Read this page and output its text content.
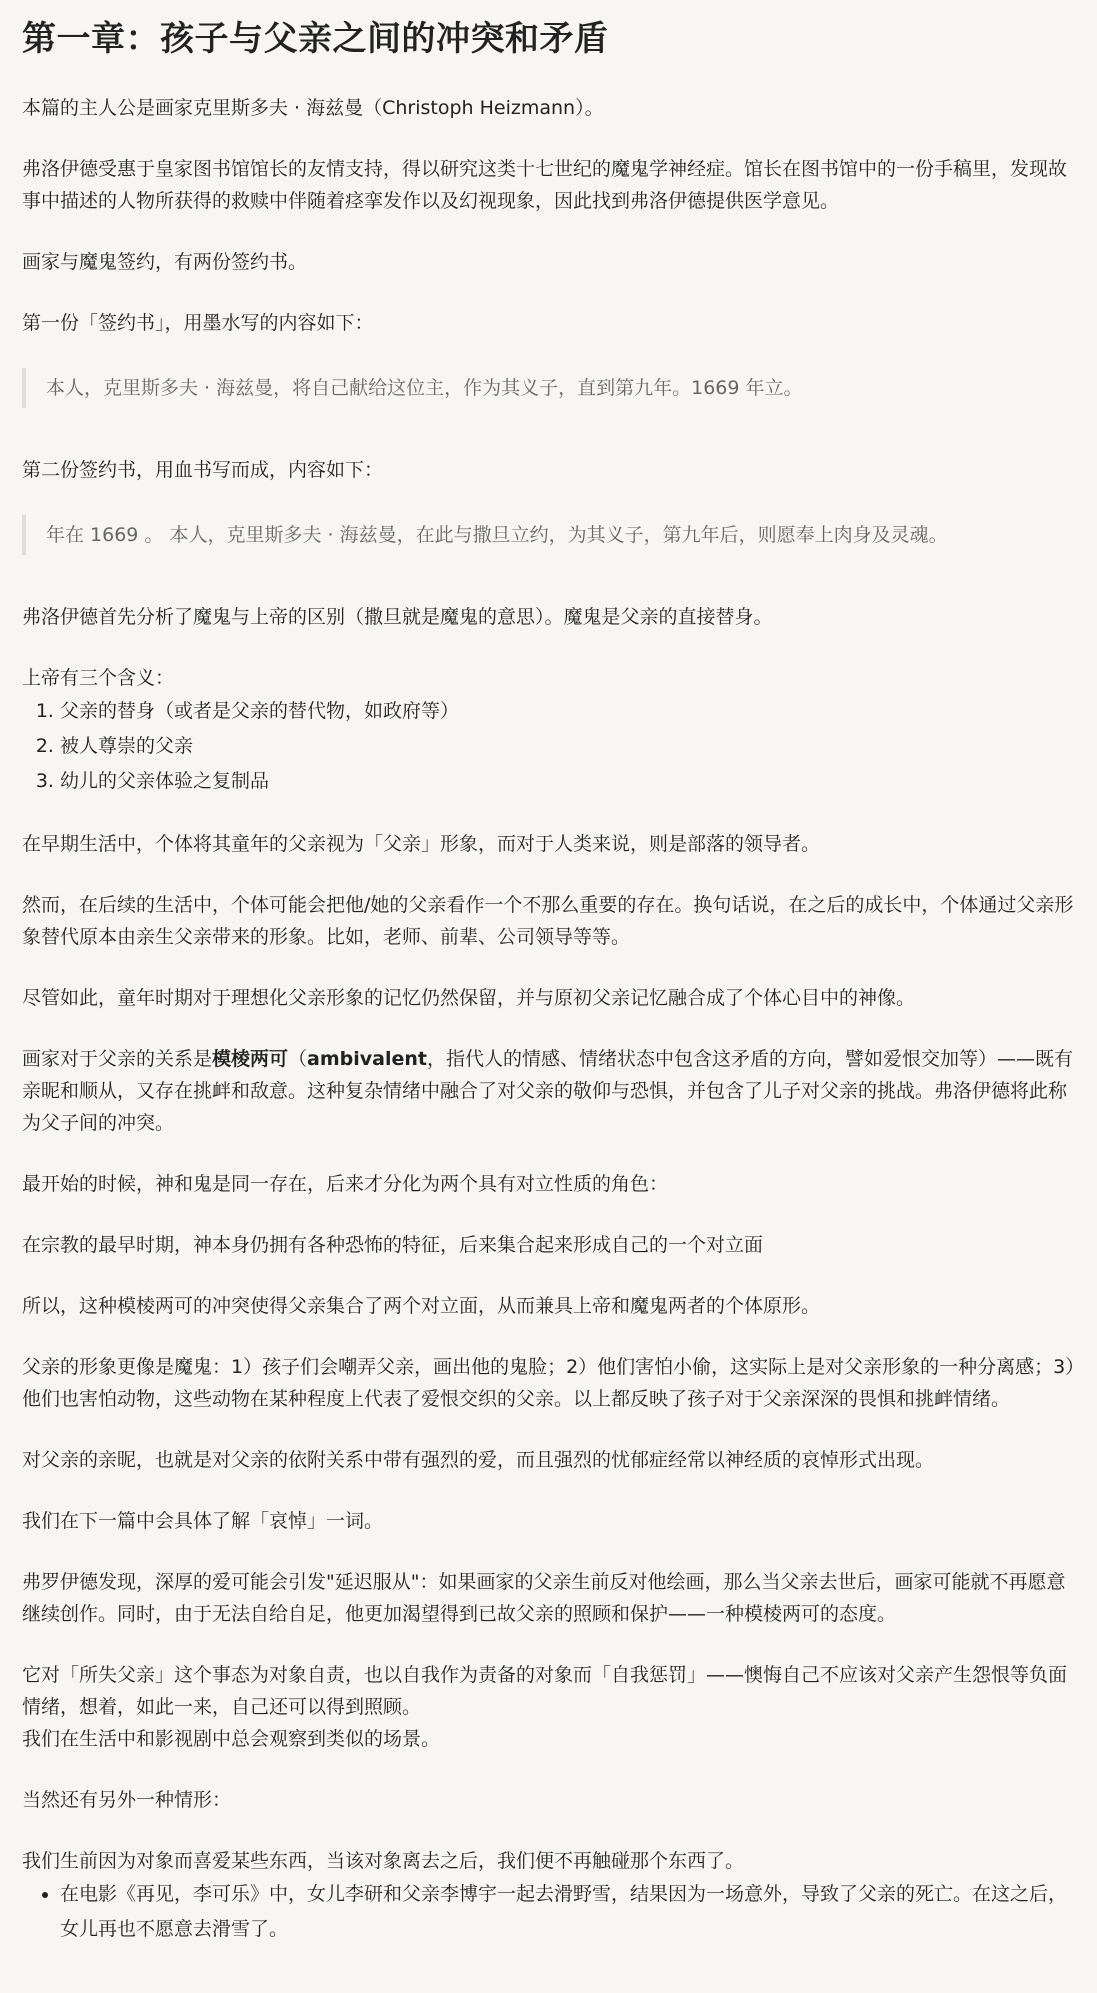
第一章：孩子与父亲之间的冲突和矛盾

本篇的主人公是画家克里斯多夫 · 海兹曼（Christoph Heizmann）。

弗洛伊德受惠于皇家图书馆馆长的友情支持，得以研究这类十七世纪的魔鬼学神经症。馆长在图书馆中的一份手稿里，发现故事中描述的人物所获得的救赎中伴随着痉挛发作以及幻视现象，因此找到弗洛伊德提供医学意见。

画家与魔鬼签约，有两份签约书。

第一份「签约书」，用墨水写的内容如下：

本人，克里斯多夫 · 海兹曼，将自己献给这位主，作为其义子，直到第九年。1669 年立。

第二份签约书，用血书写而成，内容如下：

年在 1669 。 本人，克里斯多夫 · 海兹曼，在此与撒旦立约，为其义子，第九年后，则愿奉上肉身及灵魂。

弗洛伊德首先分析了魔鬼与上帝的区别（撒旦就是魔鬼的意思）。魔鬼是父亲的直接替身。

上帝有三个含义：

1. 父亲的替身（或者是父亲的替代物，如政府等）
2. 被人尊崇的父亲
3. 幼儿的父亲体验之复制品

在早期生活中，个体将其童年的父亲视为「父亲」形象，而对于人类来说，则是部落的领导者。

然而，在后续的生活中，个体可能会把他/她的父亲看作一个不那么重要的存在。换句话说，在之后的成长中，个体通过父亲形象替代原本由亲生父亲带来的形象。比如，老师、前辈、公司领导等等。

尽管如此，童年时期对于理想化父亲形象的记忆仍然保留，并与原初父亲记忆融合成了个体心目中的神像。

画家对于父亲的关系是模棱两可（ambivalent，指代人的情感、情绪状态中包含这矛盾的方向，譬如爱恨交加等）——既有亲昵和顺从，又存在挑衅和敌意。这种复杂情绪中融合了对父亲的敬仰与恐惧，并包含了儿子对父亲的挑战。弗洛伊德将此称为父子间的冲突。

最开始的时候，神和鬼是同一存在，后来才分化为两个具有对立性质的角色：

在宗教的最早时期，神本身仍拥有各种恐怖的特征，后来集合起来形成自己的一个对立面

所以，这种模棱两可的冲突使得父亲集合了两个对立面，从而兼具上帝和魔鬼两者的个体原形。

父亲的形象更像是魔鬼：1）孩子们会嘲弄父亲，画出他的鬼脸；2）他们害怕小偷，这实际上是对父亲形象的一种分离感；3）他们也害怕动物，这些动物在某种程度上代表了爱恨交织的父亲。以上都反映了孩子对于父亲深深的畏惧和挑衅情绪。

对父亲的亲昵，也就是对父亲的依附关系中带有强烈的爱，而且强烈的忧郁症经常以神经质的哀悼形式出现。

我们在下一篇中会具体了解「哀悼」一词。

弗罗伊德发现，深厚的爱可能会引发"延迟服从"：如果画家的父亲生前反对他绘画，那么当父亲去世后，画家可能就不再愿意继续创作。同时，由于无法自给自足，他更加渴望得到已故父亲的照顾和保护——一种模棱两可的态度。

它对「所失父亲」这个事态为对象自责，也以自我作为责备的对象而「自我惩罚」——懊悔自己不应该对父亲产生怨恨等负面情绪，想着，如此一来，自己还可以得到照顾。

我们在生活中和影视剧中总会观察到类似的场景。

当然还有另外一种情形：

我们生前因为对象而喜爱某些东西，当该对象离去之后，我们便不再触碰那个东西了。

• 在电影《再见，李可乐》中，女儿李研和父亲李博宇一起去滑野雪，结果因为一场意外，导致了父亲的死亡。在这之后，女儿再也不愿意去滑雪了。
